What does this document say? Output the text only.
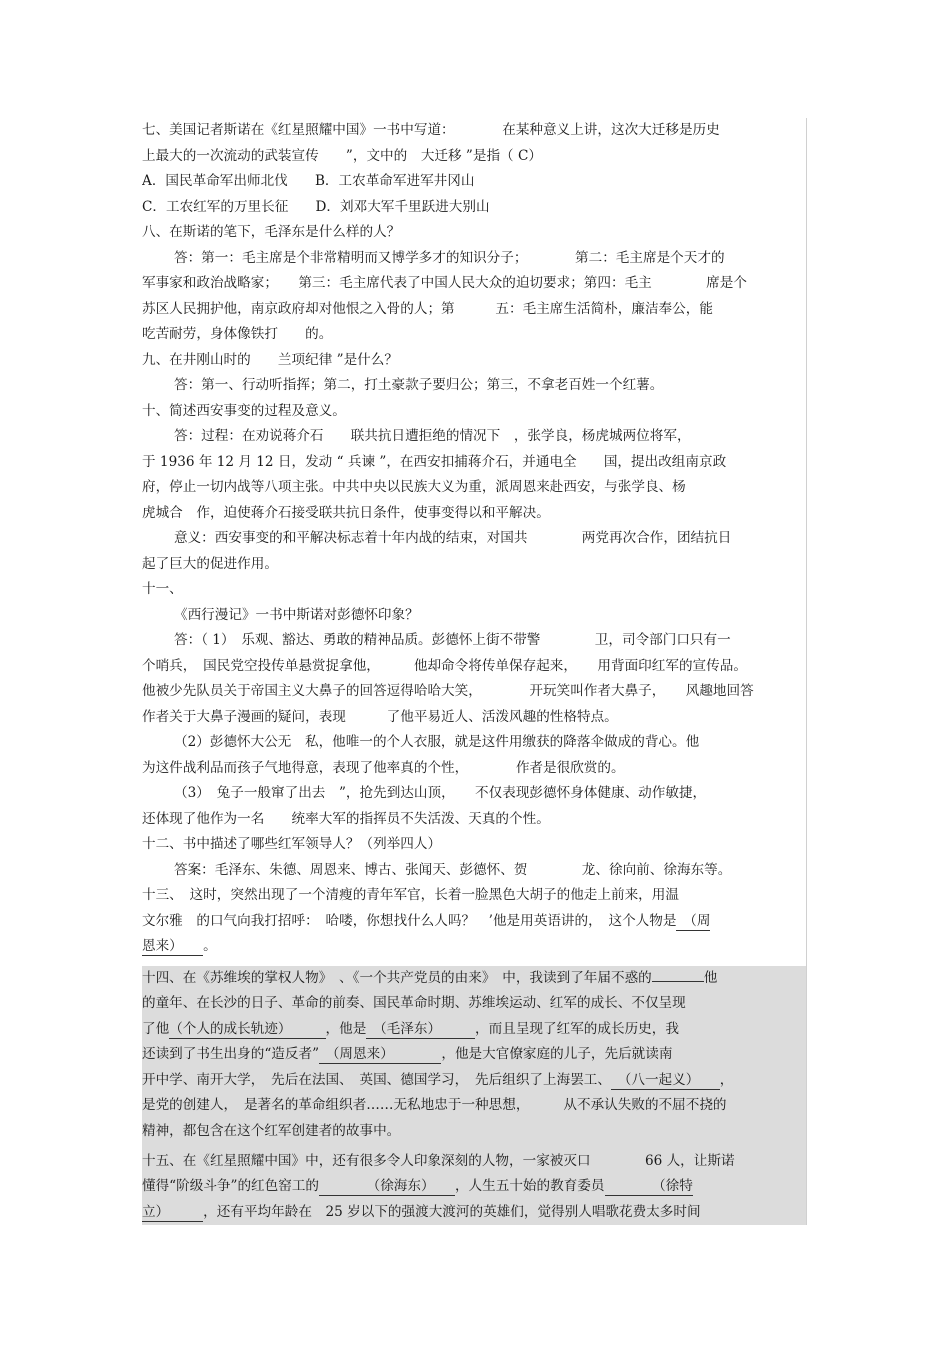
七、美国记者斯诺在《红星照耀中国》一书中写道：　　　　在某种意义上讲，这次大迁移是历史
上最大的一次流动的武装宣传　　”，文中的　大迁移 ”是指（ C）
A．国民革命军出师北伐　　B．工农革命军进军井冈山
C．工农红军的万里长征　　D．刘邓大军千里跃进大别山
八、在斯诺的笔下，毛泽东是什么样的人？
答：第一：毛主席是个非常精明而又博学多才的知识分子；　　　　第二：毛主席是个天才的
军事家和政治战略家；　　第三：毛主席代表了中国人民大众的迫切要求；第四：毛主　　　　席是个
苏区人民拥护他，南京政府却对他恨之入骨的人；第　　　五：毛主席生活简朴，廉洁奉公，能
吃苦耐劳，身体像铁打　　的。
九、在井刚山时的　　兰项纪律 ”是什么？
答：第一、行动听指挥；第二，打土豪款子要归公；第三，不拿老百姓一个红薯。
十、简述西安事变的过程及意义。
答：过程：在劝说蒋介石　　联共抗日遭拒绝的情况下　，张学良，杨虎城两位将军，
于 1936 年 12 月 12 日，发动 “ 兵谏 ”，在西安扣捕蒋介石，并通电全　　国，提出改组南京政
府，停止一切内战等八项主张。中共中央以民族大义为重，派周恩来赴西安，与张学良、杨
虎城合　作，迫使蒋介石接受联共抗日条件，使事变得以和平解决。
意义：西安事变的和平解决标志着十年内战的结束，对国共　　　　两党再次合作，团结抗日
起了巨大的促进作用。
十一、
《西行漫记》一书中斯诺对彭德怀印象？
答：（ 1）　乐观、豁达、勇敢的精神品质。彭德怀上街不带警　　　　卫，司令部门口只有一
个哨兵，　国民党空投传单悬赏捉拿他，　　　他却命令将传单保存起来，　　用背面印红军的宣传品。
他被少先队员关于帝国主义大鼻子的回答逗得哈哈大笑，　　　　开玩笑叫作者大鼻子，　　风趣地回答
作者关于大鼻子漫画的疑问，表现　　　了他平易近人、活泼风趣的性格特点。
（2）彭德怀大公无　私，他唯一的个人衣服，就是这件用缴获的降落伞做成的背心。他
为这件战利品而孩子气地得意，表现了他率真的个性，　　　　作者是很欣赏的。
（3）　兔子一般窜了出去　”，抢先到达山顶，　　不仅表现彭德怀身体健康、动作敏捷，
还体现了他作为一名　　统率大军的指挥员不失活泼、天真的个性。
十二、书中描述了哪些红军领导人？（列举四人）
答案：毛泽东、朱德、周恩来、博古、张闻天、彭德怀、贺　　　　龙、徐向前、徐海东等。
十三、　这时，突然出现了一个清瘦的青年军官，长着一脸黑色大胡子的他走上前来，用温
文尔雅　的口气向我打招呼：　哈喽，你想找什么人吗？　’他是用英语讲的，　这个人物是　（周
恩来）　　。
十四、在《苏维埃的掌权人物》　、《一个共产党员的由来》　中，我读到了年届不惑的	他
的童年、在长沙的日子、革命的前奏、国民革命时期、苏维埃运动、红军的成长、不仅呈现
了他（个人的成长轨迹）　　　，他是　（毛泽东）　　　，而且呈现了红军的成长历史，我
还读到了书生出身的“造反者”　（周恩来）　　　　，他是大官僚家庭的儿子，先后就读南
开中学、南开大学，　先后在法国、　英国、德国学习，　先后组织了上海罢工、　（八一起义）　　，
是党的创建人，　是著名的革命组织者……无私地忠于一种思想，　　　从不承认失败的不屈不挠的
精神，都包含在这个红军创建者的故事中。
十五、在《红星照耀中国》中，还有很多令人印象深刻的人物，一家被灭口　　　　66 人，让斯诺
懂得“阶级斗争”的红色窑工的　　　　（徐海东）　　，人生五十始的教育委员　　　　（徐特
立）　　　，还有平均年龄在　25 岁以下的强渡大渡河的英雄们，觉得别人唱歌花费太多时间
